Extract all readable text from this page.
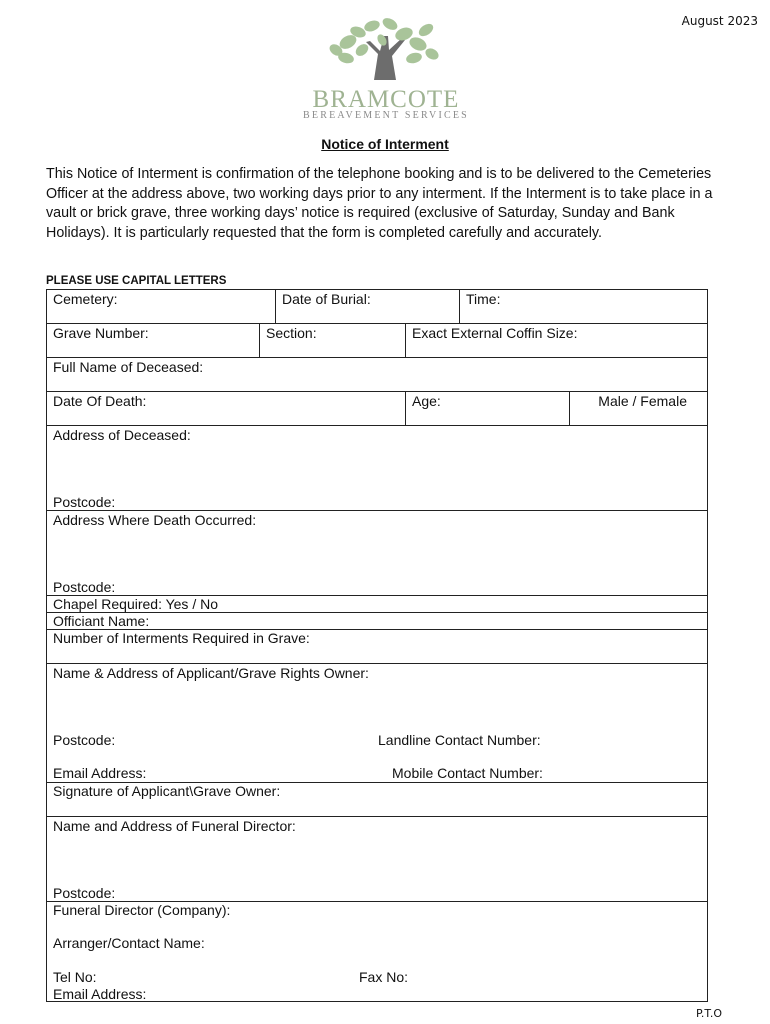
August 2023
BRAMCOTE
BEREAVEMENT SERVICES
Notice of Interment
This Notice of Interment is confirmation of the telephone booking and is to be delivered to the Cemeteries Officer at the address above, two working days prior to any interment. If the Interment is to take place in a vault or brick grave, three working days’ notice is required (exclusive of Saturday, Sunday and Bank Holidays). It is particularly requested that the form is completed carefully and accurately.
PLEASE USE CAPITAL LETTERS
Cemetery:	Date of Burial:	Time:
Grave Number:	Section:	Exact External Coffin Size:
Full Name of Deceased:
Date Of Death:	Age:	Male / Female
Address of Deceased:
Postcode:
Address Where Death Occurred:
Postcode:
Chapel Required: Yes / No
Officiant Name:
Number of Interments Required in Grave:
Name & Address of Applicant/Grave Rights Owner:
Postcode:	Landline Contact Number:
Email Address:	Mobile Contact Number:
Signature of Applicant\Grave Owner:
Name and Address of Funeral Director:
Postcode:
Funeral Director (Company):
Arranger/Contact Name:
Tel No:	Fax No:
Email Address:
P.T.O
